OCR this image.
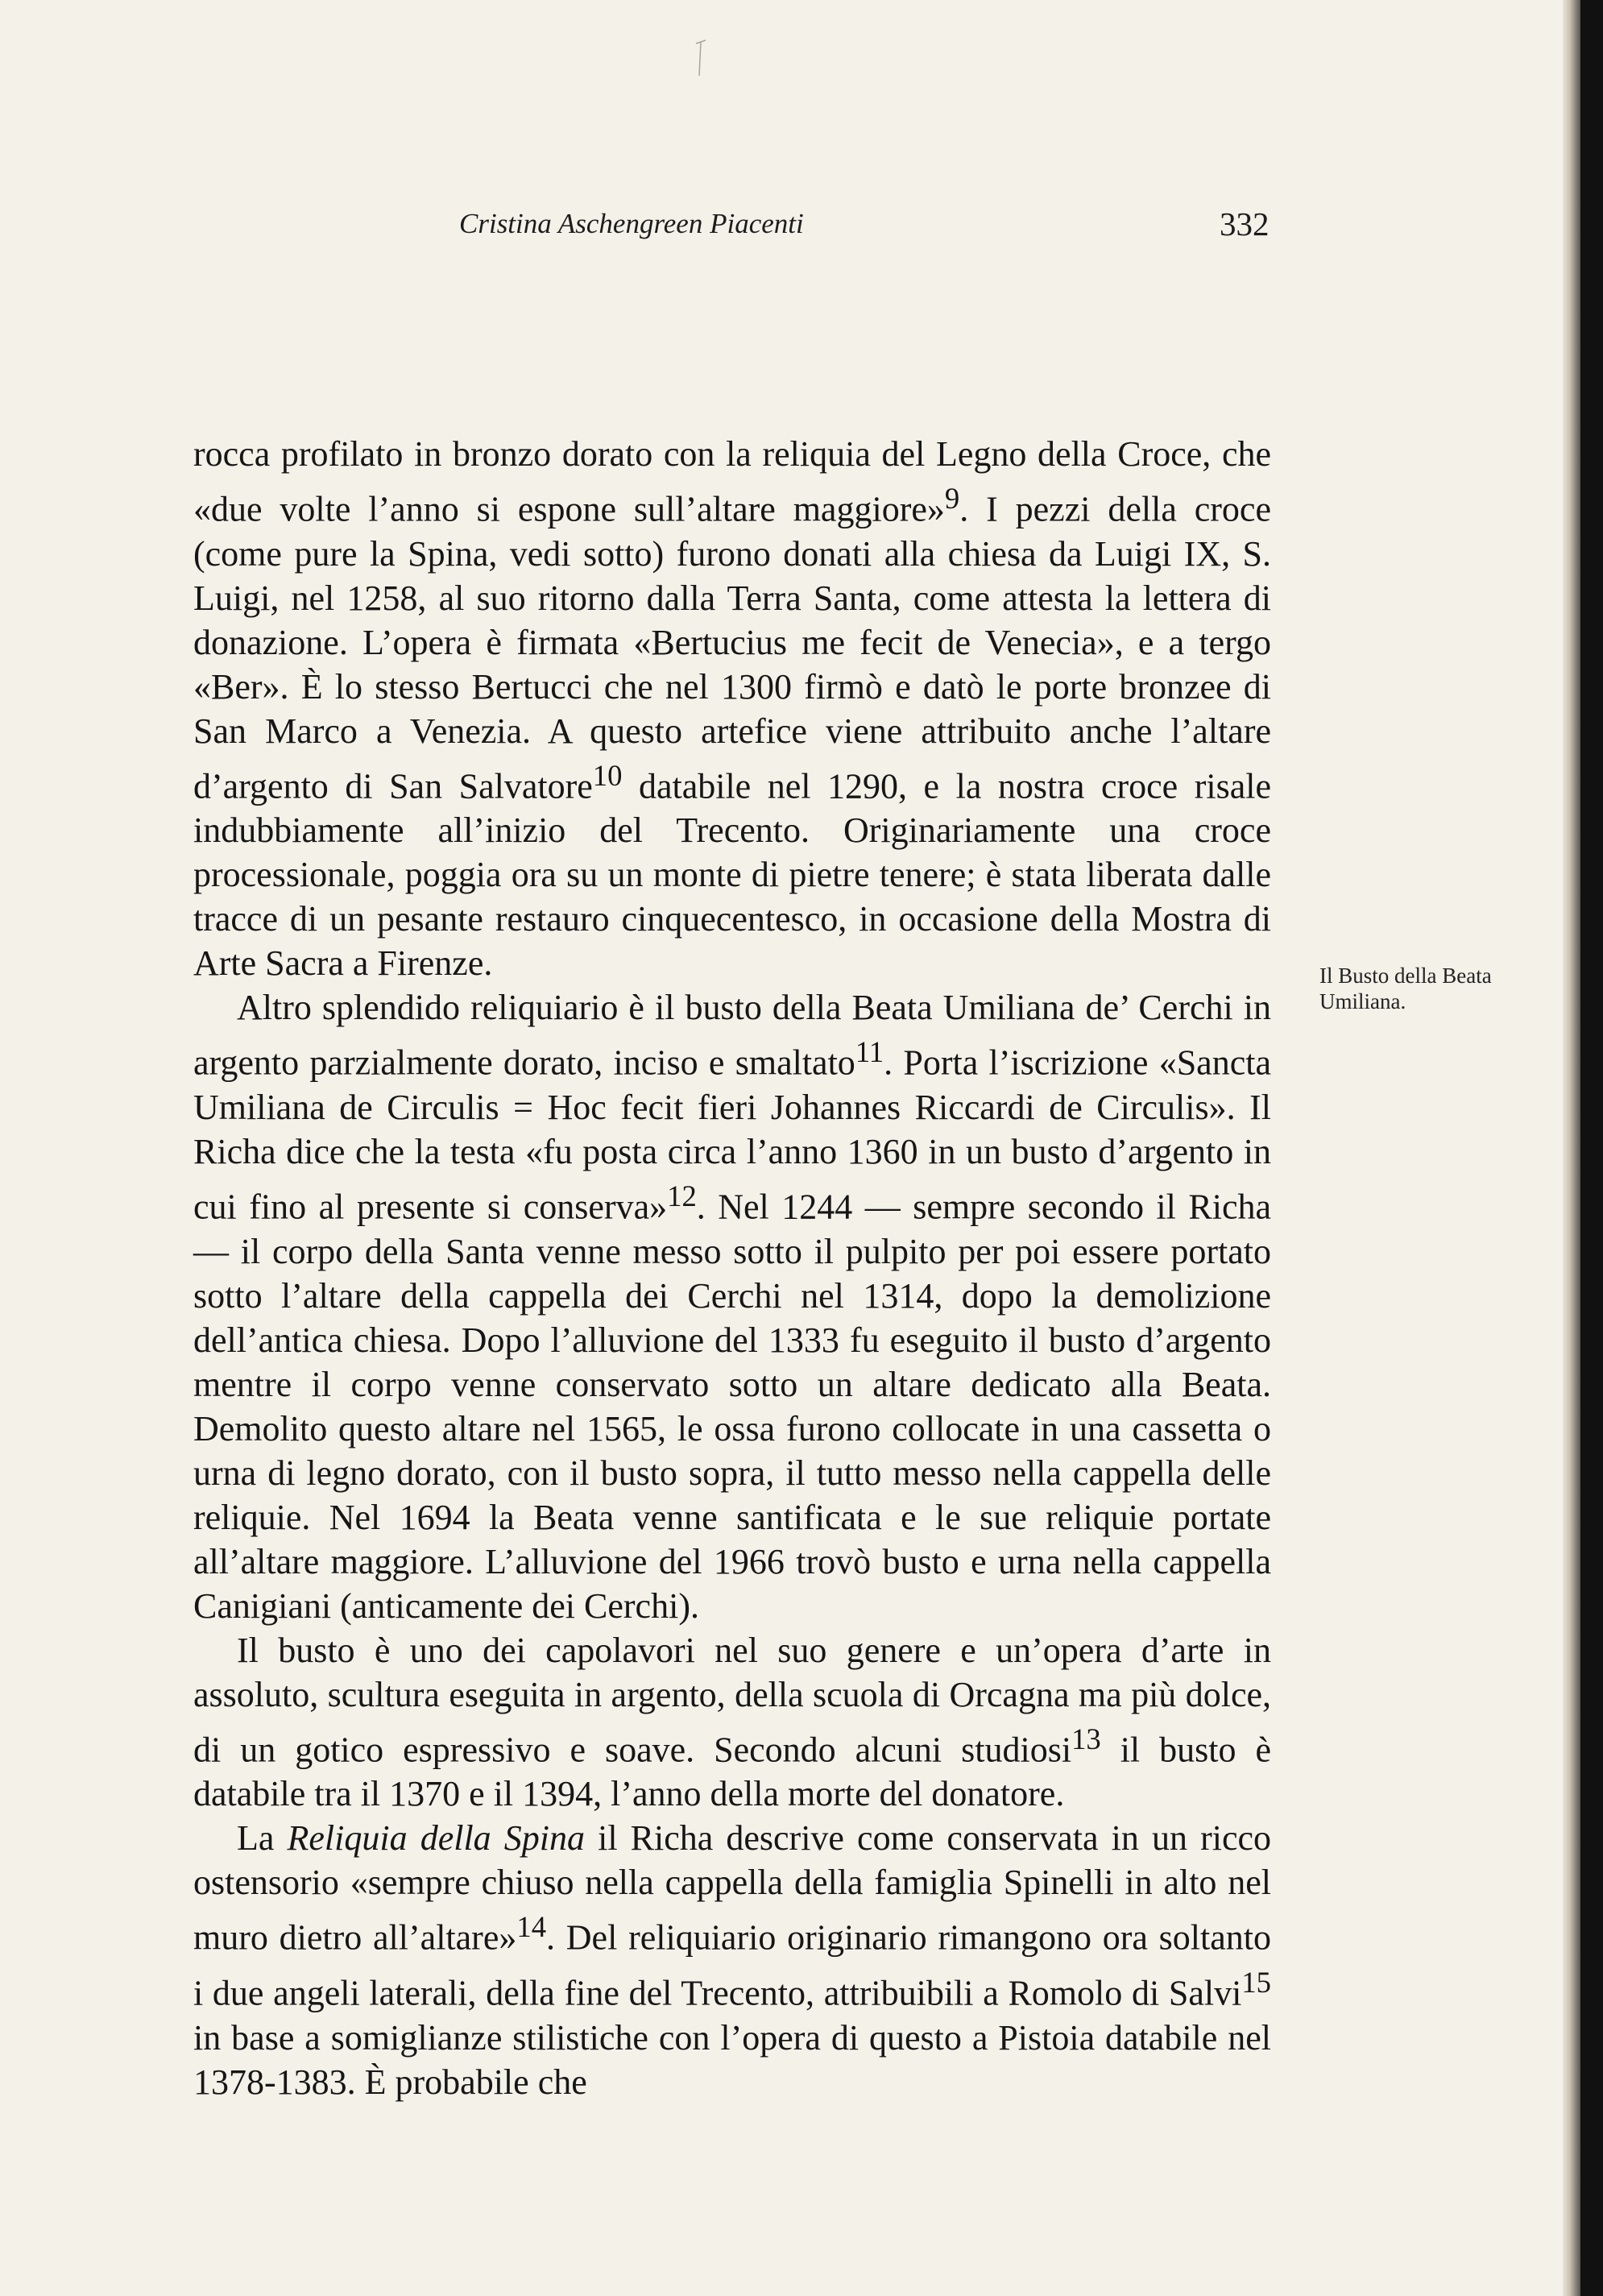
Cristina Aschengreen Piacenti	332

rocca profilato in bronzo dorato con la reliquia del Legno della Croce, che «due volte l’anno si espone sull’altare maggiore»$^9$. I pezzi della croce (come pure la Spina, vedi sotto) furono donati alla chiesa da Luigi IX, S. Luigi, nel 1258, al suo ritorno dalla Terra Santa, come attesta la lettera di donazione. L’opera è firmata «Bertucius me fecit de Venecia», e a tergo «Ber». È lo stesso Bertucci che nel 1300 firmò e datò le porte bronzee di San Marco a Venezia. A questo artefice viene attribuito anche l’altare d’argento di San Salvatore$^{10}$ databile nel 1290, e la nostra croce risale indubbiamente all’inizio del Trecento. Originariamente una croce processionale, poggia ora su un monte di pietre tenere; è stata liberata dalle tracce di un pesante restauro cinquecentesco, in occasione della Mostra di Arte Sacra a Firenze.

Altro splendido reliquiario è il busto della Beata Umiliana de’ Cerchi in argento parzialmente dorato, inciso e smaltato$^{11}$. Porta l’iscrizione «Sancta Umiliana de Circulis = Hoc fecit fieri Johannes Riccardi de Circulis». Il Richa dice che la testa «fu posta circa l’anno 1360 in un busto d’argento in cui fino al presente si conserva»$^{12}$. Nel 1244 — sempre secondo il Richa — il corpo della Santa venne messo sotto il pulpito per poi essere portato sotto l’altare della cappella dei Cerchi nel 1314, dopo la demolizione dell’antica chiesa. Dopo l’alluvione del 1333 fu eseguito il busto d’argento mentre il corpo venne conservato sotto un altare dedicato alla Beata. Demolito questo altare nel 1565, le ossa furono collocate in una cassetta o urna di legno dorato, con il busto sopra, il tutto messo nella cappella delle reliquie. Nel 1694 la Beata venne santificata e le sue reliquie portate all’altare maggiore. L’alluvione del 1966 trovò busto e urna nella cappella Canigiani (anticamente dei Cerchi).

Il busto è uno dei capolavori nel suo genere e un’opera d’arte in assoluto, scultura eseguita in argento, della scuola di Orcagna ma più dolce, di un gotico espressivo e soave. Secondo alcuni studiosi$^{13}$ il busto è databile tra il 1370 e il 1394, l’anno della morte del donatore.

La Reliquia della Spina il Richa descrive come conservata in un ricco ostensorio «sempre chiuso nella cappella della famiglia Spinelli in alto nel muro dietro all’altare»$^{14}$. Del reliquiario originario rimangono ora soltanto i due angeli laterali, della fine del Trecento, attribuibili a Romolo di Salvi$^{15}$ in base a somiglianze stilistiche con l’opera di questo a Pistoia databile nel 1378-1383. È probabile che

Il Busto della Beata Umiliana.
